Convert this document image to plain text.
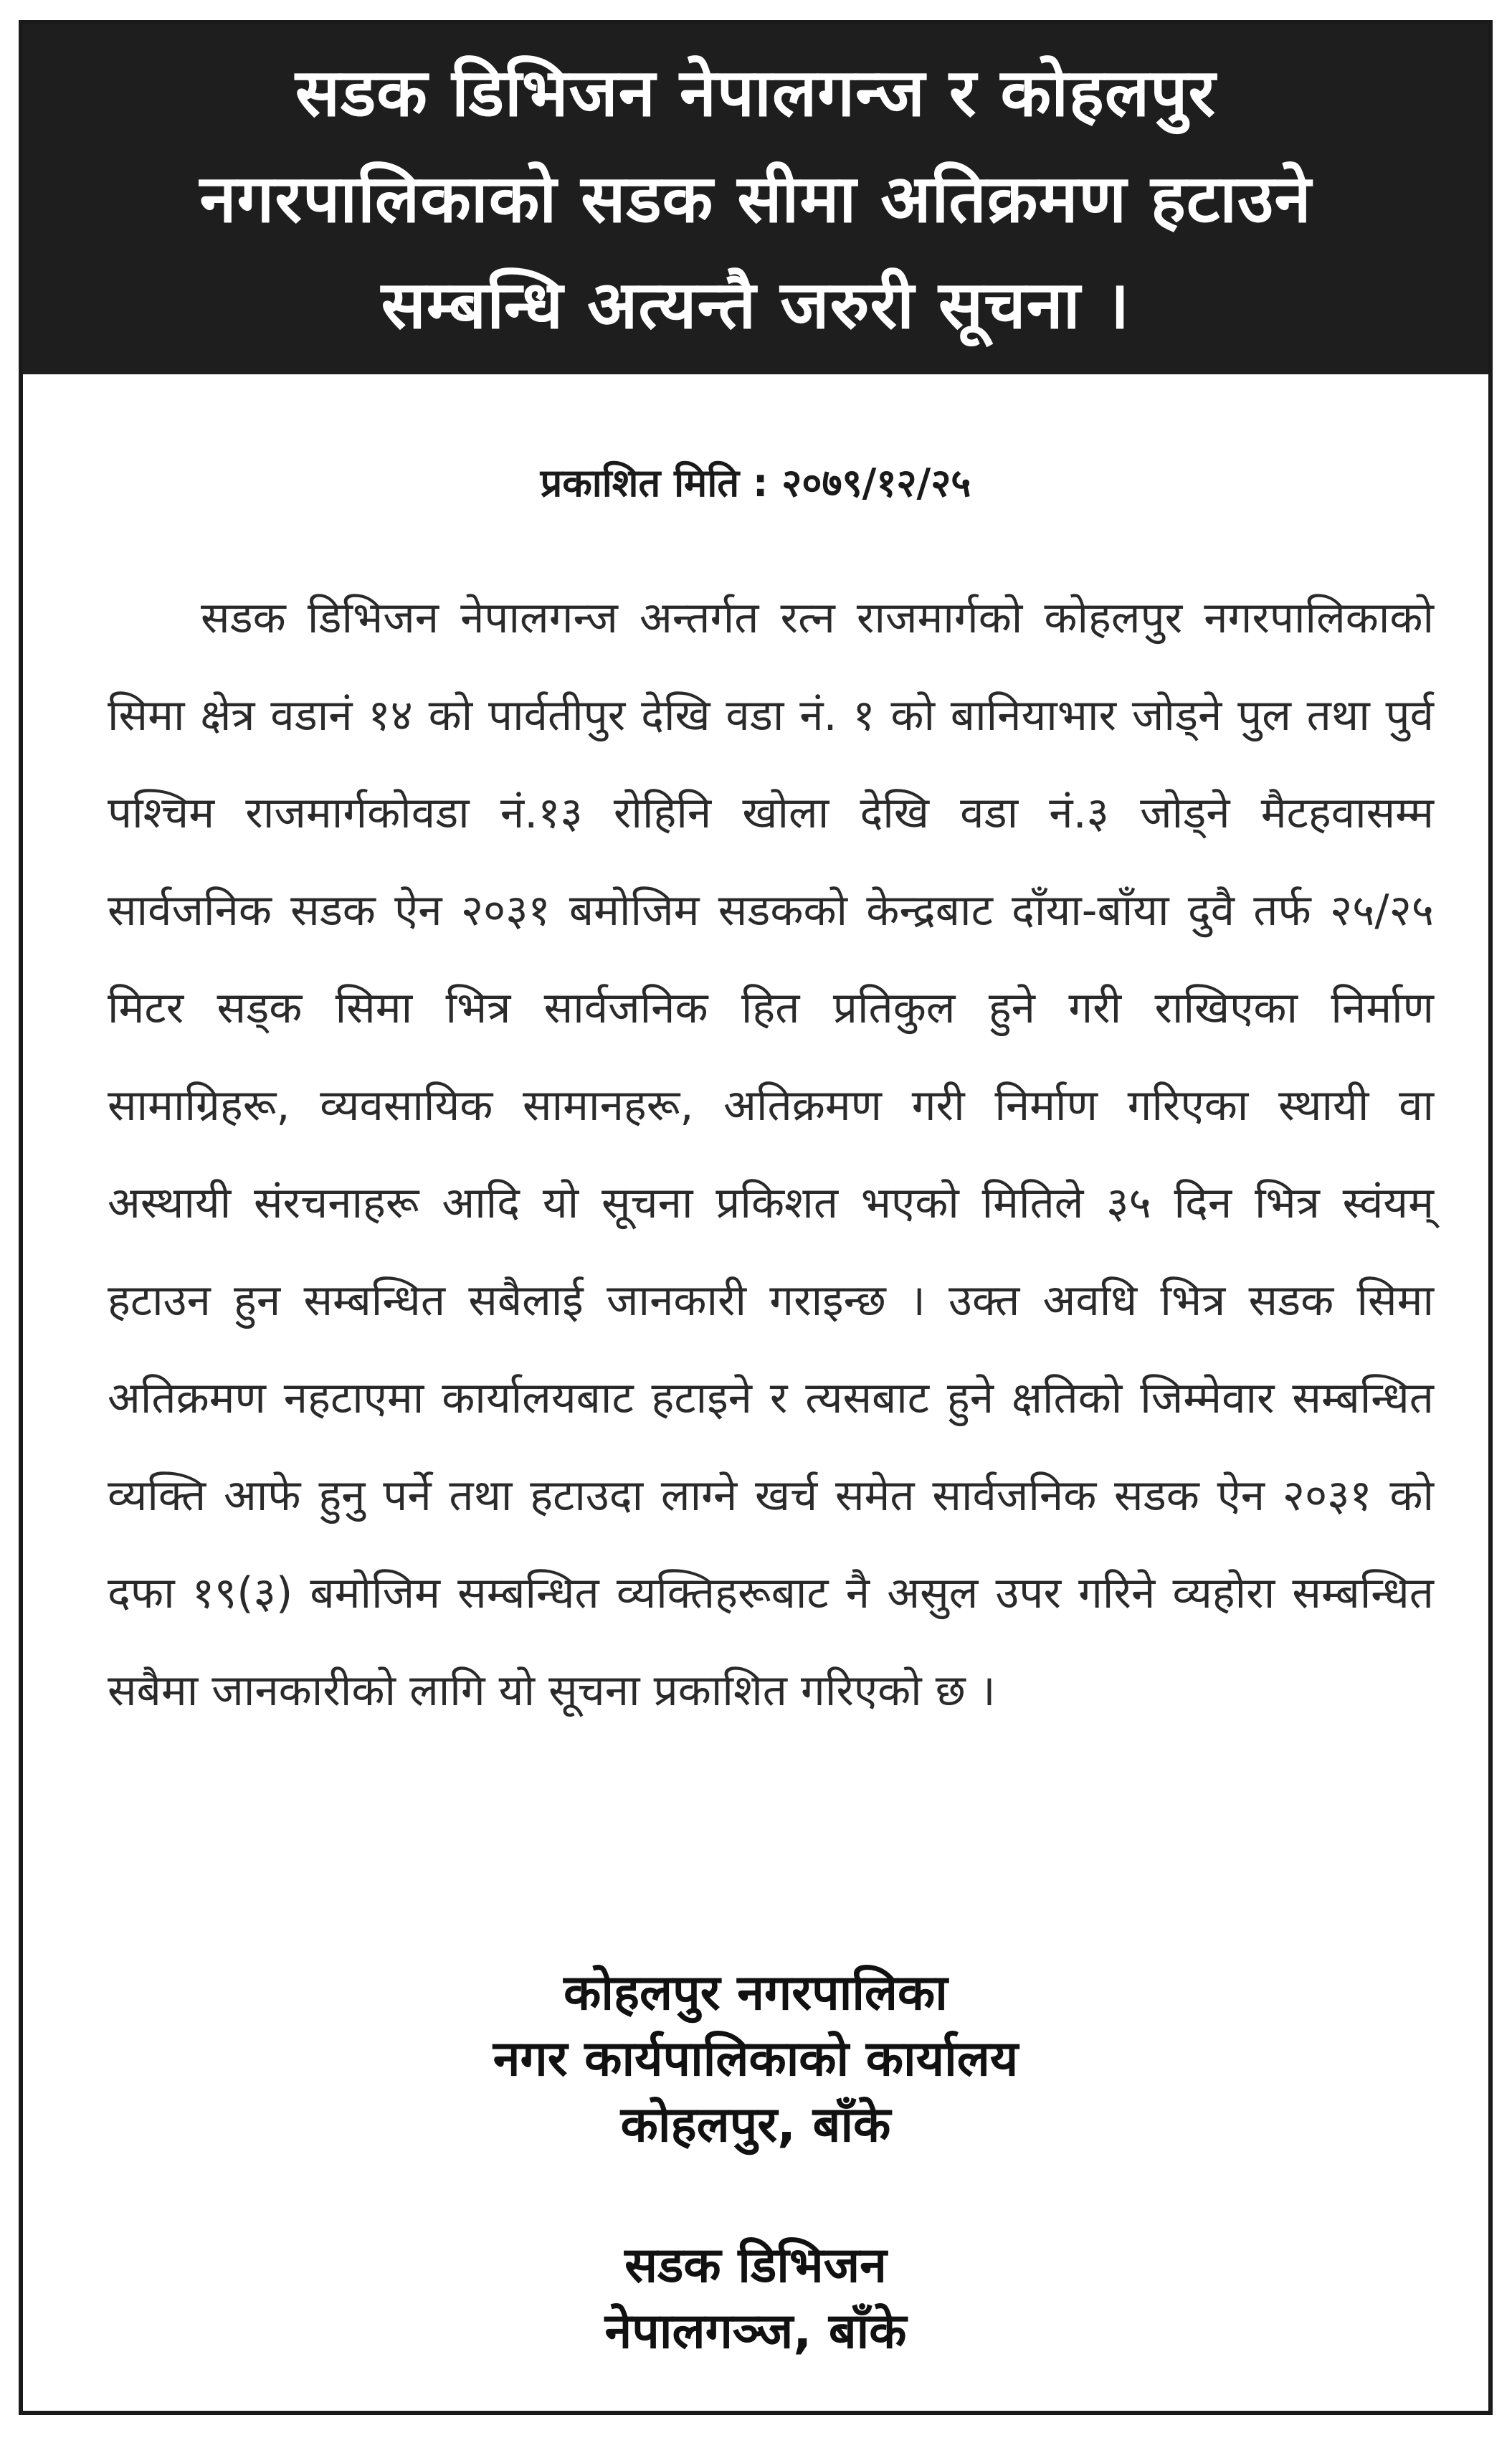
सडक डिभिजन नेपालगन्ज र कोहलपुर
नगरपालिकाको सडक सीमा अतिक्रमण हटाउने
सम्बन्धि अत्यन्तै जरुरी सूचना ।
प्रकाशित मिति : २०७९/१२/२५

सडक डिभिजन नेपालगन्ज अन्तर्गत रत्न राजमार्गको कोहलपुर नगरपालिकाको सिमा क्षेत्र वडानं १४ को पार्वतीपुर देखि वडा नं. १ को बानियाभार जोड्ने पुल तथा पुर्व पश्चिम राजमार्गकोवडा नं.१३ रोहिनि खोला देखि वडा नं.३ जोड्ने मैटहवासम्म सार्वजनिक सडक ऐन २०३१ बमोजिम सडकको केन्द्रबाट दाँया-बाँया दुवै तर्फ २५/२५ मिटर सड्क सिमा भित्र सार्वजनिक हित प्रतिकुल हुने गरी राखिएका निर्माण सामाग्रिहरू, व्यवसायिक सामानहरू, अतिक्रमण गरी निर्माण गरिएका स्थायी वा अस्थायी संरचनाहरू आदि यो सूचना प्रकिशत भएको मितिले ३५ दिन भित्र स्वंयम् हटाउन हुन सम्बन्धित सबैलाई जानकारी गराइन्छ । उक्त अवधि भित्र सडक सिमा अतिक्रमण नहटाएमा कार्यालयबाट हटाइने र त्यसबाट हुने क्षतिको जिम्मेवार सम्बन्धित व्यक्ति आफे हुनु पर्ने तथा हटाउदा लाग्ने खर्च समेत सार्वजनिक सडक ऐन २०३१ को दफा १९(३) बमोजिम सम्बन्धित व्यक्तिहरूबाट नै असुल उपर गरिने व्यहोरा सम्बन्धित सबैमा जानकारीको लागि यो सूचना प्रकाशित गरिएको छ ।

कोहलपुर नगरपालिका
नगर कार्यपालिकाको कार्यालय
कोहलपुर, बाँके
सडक डिभिजन
नेपालगञ्ज, बाँके
